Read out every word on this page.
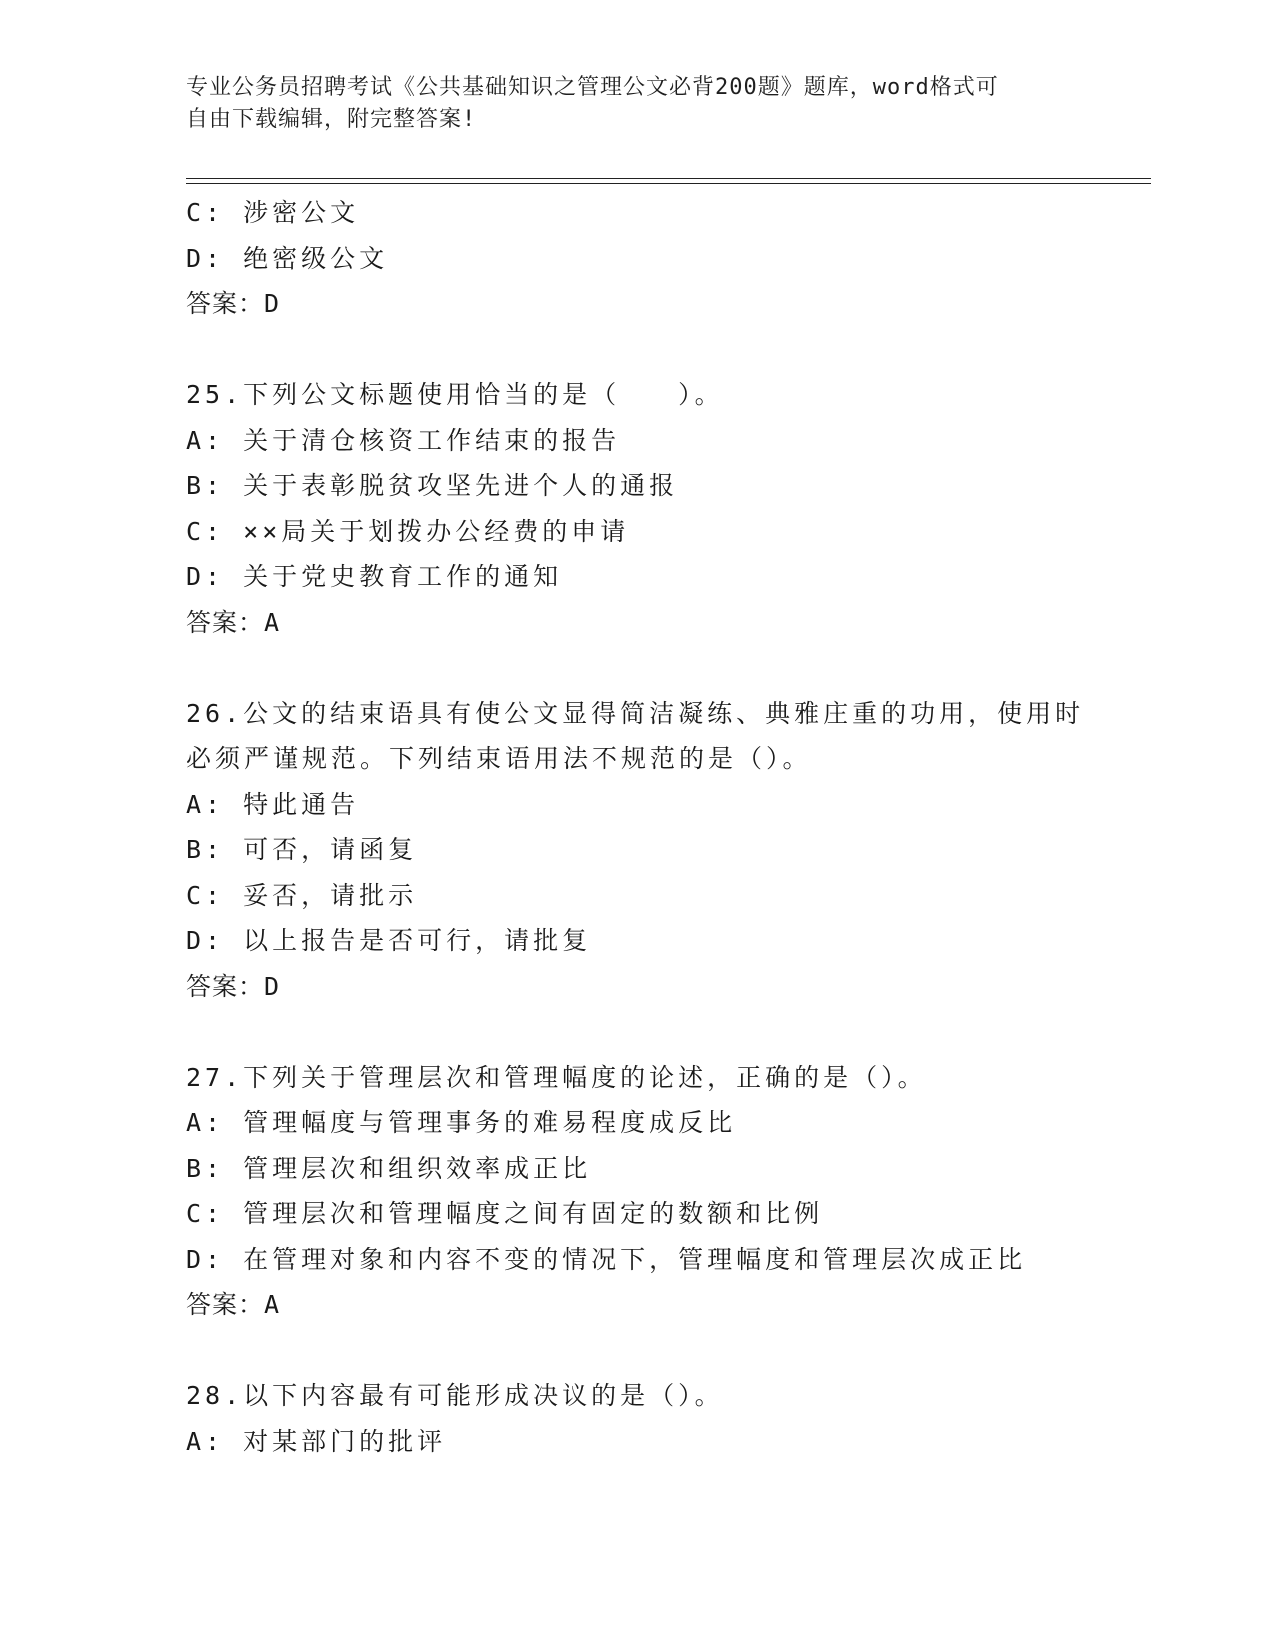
专业公务员招聘考试《公共基础知识之管理公文必背200题》题库，word格式可
自由下载编辑，附完整答案!
C: 涉密公文
D: 绝密级公文
答案：D
25.下列公文标题使用恰当的是（　　）。
A: 关于清仓核资工作结束的报告
B: 关于表彰脱贫攻坚先进个人的通报
C: ××局关于划拨办公经费的申请
D: 关于党史教育工作的通知
答案：A
26.公文的结束语具有使公文显得简洁凝练、典雅庄重的功用，使用时
必须严谨规范。下列结束语用法不规范的是（）。
A: 特此通告
B: 可否，请函复
C: 妥否，请批示
D: 以上报告是否可行，请批复
答案：D
27.下列关于管理层次和管理幅度的论述，正确的是（）。
A: 管理幅度与管理事务的难易程度成反比
B: 管理层次和组织效率成正比
C: 管理层次和管理幅度之间有固定的数额和比例
D: 在管理对象和内容不变的情况下，管理幅度和管理层次成正比
答案：A
28.以下内容最有可能形成决议的是（）。
A: 对某部门的批评
